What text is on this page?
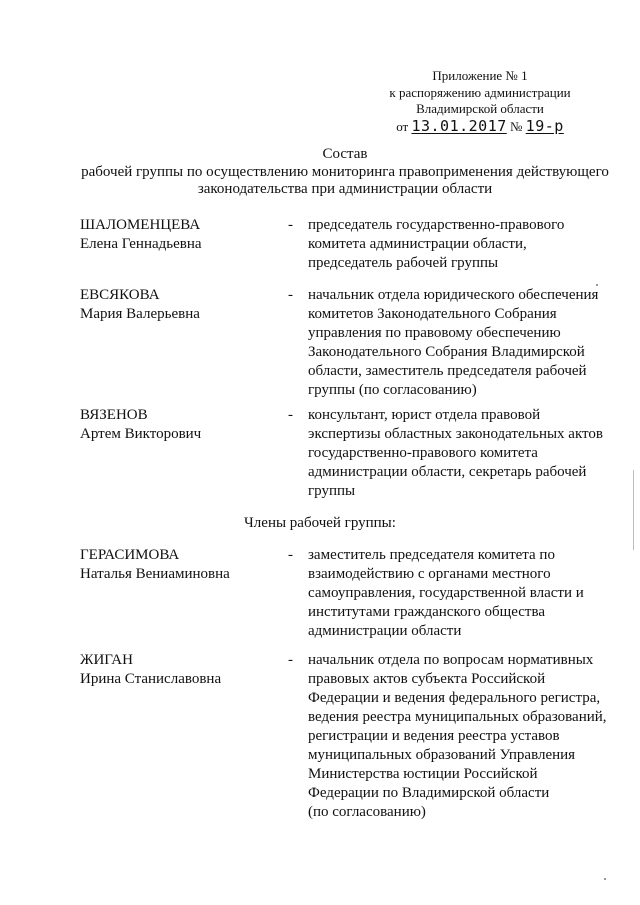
Приложение № 1
к распоряжению администрации
Владимирской области
от 13.01.2017 № 19-р
Состав
рабочей группы по осуществлению мониторинга правоприменения действующего
законодательства при администрации области
ШАЛОМЕНЦЕВА
Елена Геннадьевна
- председатель государственно-правового
комитета администрации области,
председатель рабочей группы
ЕВСЯКОВА
Мария Валерьевна
- начальник отдела юридического обеспечения
комитетов Законодательного Собрания
управления по правовому обеспечению
Законодательного Собрания Владимирской
области, заместитель председателя рабочей
группы (по согласованию)
ВЯЗЕНОВ
Артем Викторович
- консультант, юрист отдела правовой
экспертизы областных законодательных актов
государственно-правового комитета
администрации области, секретарь рабочей
группы
Члены рабочей группы:
ГЕРАСИМОВА
Наталья Вениаминовна
- заместитель председателя комитета по
взаимодействию с органами местного
самоуправления, государственной власти и
институтами гражданского общества
администрации области
ЖИГАН
Ирина Станиславовна
- начальник отдела по вопросам нормативных
правовых актов субъекта Российской
Федерации и ведения федерального регистра,
ведения реестра муниципальных образований,
регистрации и ведения реестра уставов
муниципальных образований Управления
Министерства юстиции Российской
Федерации по Владимирской области
(по согласованию)
